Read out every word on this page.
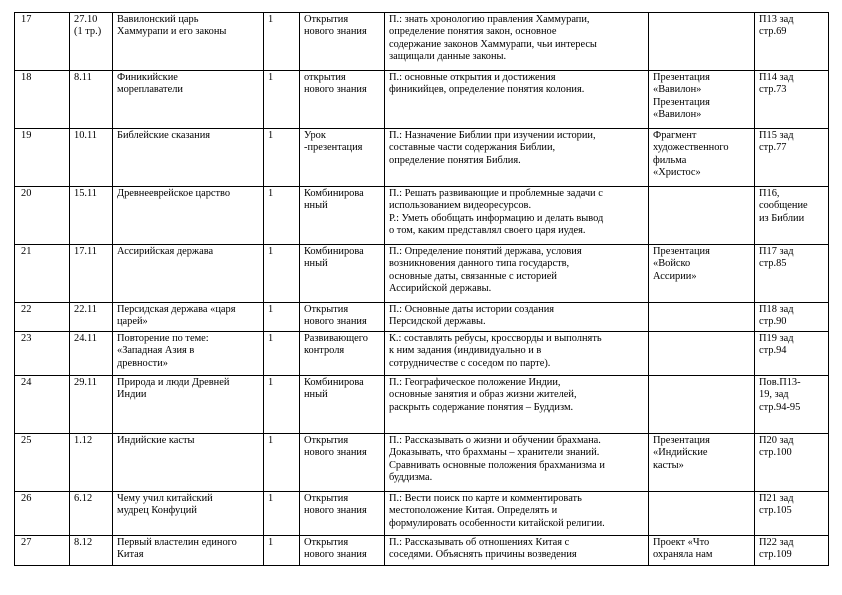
17	27.10
(1 тр.)	Вавилонский царь
Хаммурапи и его законы	1	Открытия
нового знания	П.: знать хронологию правления Хаммурапи,
определение понятия закон, основное
содержание законов Хаммурапи, чьи интересы
защищали данные законы.		П13 зад
стр.69

18	8.11	Финикийские
мореплаватели	1	открытия
нового знания	П.: основные открытия и достижения
финикийцев, определение понятия колония.	Презентация
«Вавилон»
Презентация
«Вавилон»	П14 зад
стр.73

19	10.11	Библейские сказания	1	Урок
-презентация	П.: Назначение Библии при изучении истории,
составные части содержания Библии,
определение понятия Библия.	Фрагмент
художественного
фильма
«Христос»	П15 зад
стр.77

20	15.11	Древнееврейское царство	1	Комбинирова
нный	П.: Решать развивающие и проблемные задачи с
использованием видеоресурсов.
Р.: Уметь обобщать информацию и делать вывод
о том, каким представлял своего царя иудея.		П16,
сообщение
из Библии

21	17.11	Ассирийская держава	1	Комбинирова
нный	П.: Определение понятий держава, условия
возникновения данного типа государств,
основные даты, связанные с историей
Ассирийской державы.	Презентация
«Войско
Ассирии»	П17 зад
стр.85

22	22.11	Персидская держава «царя
царей»	1	Открытия
нового знания	П.: Основные даты истории создания
Персидской державы.		П18 зад
стр.90

23	24.11	Повторение по теме:
«Западная Азия в
древности»	1	Развивающего
контроля	К.: составлять ребусы, кроссворды и выполнять
к ним задания (индивидуально и в
сотрудничестве с соседом по парте).		П19 зад
стр.94

24	29.11	Природа и люди Древней
Индии	1	Комбинирова
нный	П.: Географическое положение Индии,
основные занятия и образ жизни жителей,
раскрыть содержание понятия – Буддизм.		Пов.П13-
19, зад
стр.94-95

25	1.12	Индийские касты	1	Открытия
нового знания	П.: Рассказывать о жизни и обучении брахмана.
Доказывать, что брахманы – хранители знаний.
Сравнивать основные положения брахманизма и
буддизма.	Презентация
«Индийские
касты»	П20 зад
стр.100

26	6.12	Чему учил китайский
мудрец Конфуций	1	Открытия
нового знания	П.: Вести поиск по карте и комментировать
местоположение Китая. Определять и
формулировать особенности китайской религии.		П21 зад
стр.105

27	8.12	Первый властелин единого
Китая	1	Открытия
нового знания	П.: Рассказывать об отношениях Китая с
соседями. Объяснять причины возведения	Проект «Что
охраняла нам	П22 зад
стр.109
